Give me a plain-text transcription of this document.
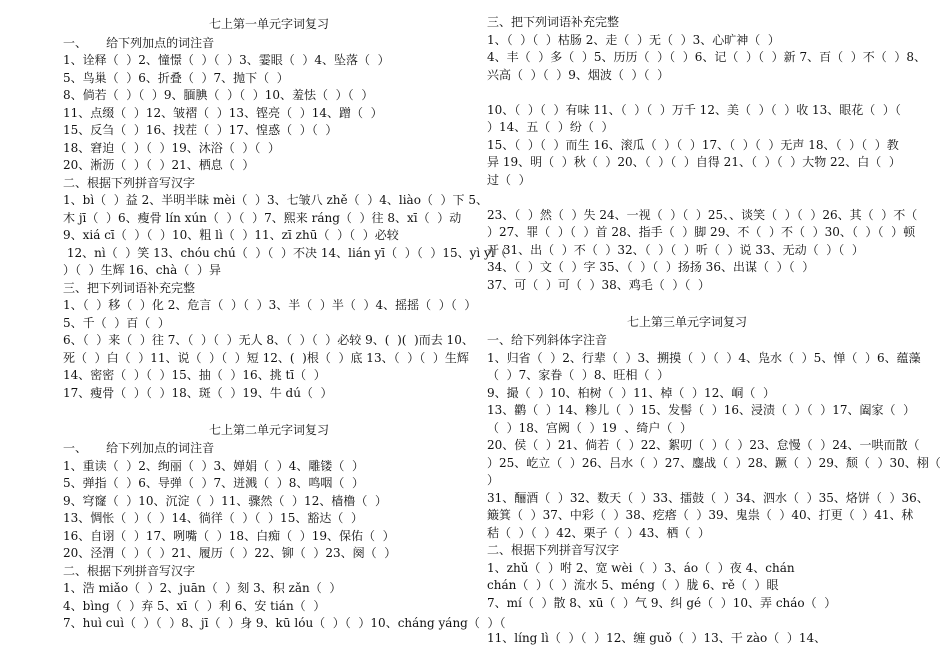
七上第一单元字词复习
一、     给下列加点的词注音
1、诠释（  ）2、憧憬（  ）（  ）3、霎眼（  ）4、坠落（  ）
5、鸟巢（  ）6、折叠（  ）7、抛下（  ）
8、倘若（  ）（  ）9、腼腆（  ）（  ）10、羞怯（  ）（  ）
11、点缀（  ）12、皱褶（  ）13、铿亮（  ）14、蹭（  ）
15、反刍（  ）16、找茬（  ）17、惶惑（  ）（  ）
18、窘迫（  ）（  ）19、沐浴（  ）（  ）
20、淅沥（  ）（  ）21、栖息（  ）
二、根据下列拼音写汉字
1、bì（  ）益 2、半明半昧 mèi（  ）3、七皱八 zhě（  ）4、liào（  ）下 5、
木 jī（  ）6、瘦骨 lín xún（  ）（  ）7、熙来 ráng（  ）往 8、xī（  ）动
9、xiá cī（  ）（  ）10、粗 lì（  ）11、zī zhū（  ）（  ）必较
12、nì（  ）笑 13、chóu chú（  ）（  ）不决 14、lián yī（  ）（  ）15、yì yì（
）（  ）生辉 16、chà（  ）异
三、把下列词语补充完整
1、（  ）移（  ）化 2、危言（  ）（  ）3、半（  ）半（  ）4、摇摇（  ）（  ）
5、千（  ）百（  ）
6、（  ）来（  ）往 7、（  ）（  ）无人 8、（  ）（  ）必较 9、(  )(  )而去 10、
死（  ）白（  ）11、说（  ）（  ）短 12、(  )根（  ）底 13、（  ）（  ）生辉
14、密密（  ）（  ）15、抽（  ）16、挑 tī（  ）
17、瘦骨（  ）（  ）18、斑（  ）19、牛 dú（  ）
七上第二单元字词复习
一、     给下列加点的词注音
1、重读（  ）2、绚丽（  ）3、婵娟（  ）4、雕镂（  ）
5、弹指（  ）6、导弹（  ）7、迸溅（  ）8、鸣咽（  ）
9、穹窿（  ）10、沉淀（  ）11、骤然（  ）12、樯橹（  ）
13、惆怅（  ）（  ）14、徜徉（  ）（  ）15、豁达（  ）
16、自诩（  ）17、咧嘴（  ）18、白痴（  ）19、保佑（  ）
20、泾渭（  ）（  ）21、履历（  ）22、铆（  ）23、阕（  ）
二、根据下列拼音写汉字
1、浩 miǎo（  ）2、juān（  ）刻 3、积 zǎn（  ）
4、bìng（  ）弃 5、xī（  ）利 6、安 tián（  ）
7、huì cuì（  ）（  ）8、jī（  ）身 9、kū lóu（  ）（  ）10、cháng yáng（  ）（
三、把下列词语补充完整
1、（  ）（  ）枯肠 2、走（  ）无（  ）3、心旷神（  ）
4、丰（  ）多（  ）5、历历（  ）（  ）6、记（  ）（  ）新 7、百（  ）不（  ）8、
兴高（  ）（  ）9、烟波（  ）（  ）
10、（  ）（  ）有味 11、（  ）（  ）万千 12、美（  ）（  ）收 13、眼花（  ）（
）14、五（  ）纷（  ）
15、（  ）（  ）而生 16、滚瓜（  ）（  ）17、（  ）（  ）无声 18、（  ）（  ）教
异 19、明（  ）秋（  ）20、（  ）（  ）自得 21、（  ）（  ）大物 22、白（  ）
过（  ）
23、（  ）然（  ）失 24、一视（  ）（  ）25、、谈笑（  ）（  ）26、其（  ）不（
）27、罪（  ）（  ）首 28、指手（  ）脚 29、不（  ）不（  ）30、（  ）（  ）顿
开 31、出（  ）不（  ）32、（  ）（  ）听（  ）说 33、无动（  ）（  ）
34、（  ）文（  ）字 35、（  ）（  ）扬扬 36、出谋（  ）（  ）
37、可（  ）可（  ）38、鸡毛（  ）（  ）
七上第三单元字词复习
一、给下列斜体字注音
1、归省（  ）2、行辈（  ）3、搠摸（  ）（  ）4、凫水（  ）5、惮（  ）6、蕴藻
（  ）7、家眷（  ）8、旺相（  ）
9、撮（  ）10、桕树（  ）11、棹（  ）12、峒（  ）
13、鹳（  ）14、糁儿（  ）15、发髻（  ）16、浸渍（  ）（  ）17、阖家（  ）
（  ）18、宫阙（  ）19  、绮户（  ）
20、侯（  ）21、倘若（  ）22、絮叨（  ）（  ）23、怠慢（  ）24、一哄而散（
）25、屹立（  ）26、吕水（  ）27、鏖战（  ）28、蹶（  ）29、颓（  ）30、栩（
）
31、酾酒（  ）32、数天（  ）33、擂鼓（  ）34、泗水（  ）35、烙饼（  ）36、
簸箕（  ）37、中彩（  ）38、疙瘩（  ）39、鬼祟（  ）40、打更（  ）41、秫
秸（  ）（  ）42、栗子（  ）43、栖（  ）
二、根据下列拼音写汉字
1、zhǔ（  ）咐 2、宽 wèi（  ）3、áo（  ）夜 4、chán
chán（  ）（  ）流水 5、méng（  ）胧 6、rě（  ）眼
7、mí（  ）散 8、xū（  ）气 9、纠 gé（  ）10、弄 cháo（  ）
11、líng lì（  ）（  ）12、缠 guǒ（  ）13、干 zào（  ）14、
